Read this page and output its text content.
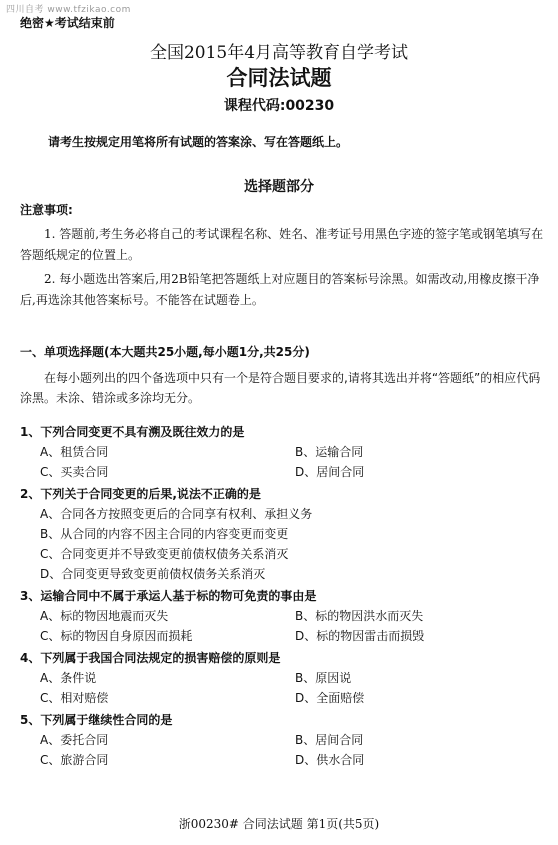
四川自考 www.tfzikao.com
绝密★考试结束前
全国2015年4月高等教育自学考试
合同法试题
课程代码:00230
请考生按规定用笔将所有试题的答案涂、写在答题纸上。
选择题部分
注意事项:
1. 答题前,考生务必将自己的考试课程名称、姓名、准考证号用黑色字迹的签字笔或钢笔填写在答题纸规定的位置上。
2. 每小题选出答案后,用2B铅笔把答题纸上对应题目的答案标号涂黑。如需改动,用橡皮擦干净后,再选涂其他答案标号。不能答在试题卷上。
一、单项选择题(本大题共25小题,每小题1分,共25分)
在每小题列出的四个备选项中只有一个是符合题目要求的,请将其选出并将“答题纸”的相应代码涂黑。未涂、错涂或多涂均无分。
1、下列合同变更不具有溯及既往效力的是
A、租赁合同	B、运输合同
C、买卖合同	D、居间合同
2、下列关于合同变更的后果,说法不正确的是
A、合同各方按照变更后的合同享有权利、承担义务
B、从合同的内容不因主合同的内容变更而变更
C、合同变更并不导致变更前债权债务关系消灭
D、合同变更导致变更前债权债务关系消灭
3、运输合同中不属于承运人基于标的物可免责的事由是
A、标的物因地震而灭失	B、标的物因洪水而灭失
C、标的物因自身原因而损耗	D、标的物因雷击而损毁
4、下列属于我国合同法规定的损害赔偿的原则是
A、条件说	B、原因说
C、相对赔偿	D、全面赔偿
5、下列属于继续性合同的是
A、委托合同	B、居间合同
C、旅游合同	D、供水合同
浙00230# 合同法试题 第1页(共5页)
